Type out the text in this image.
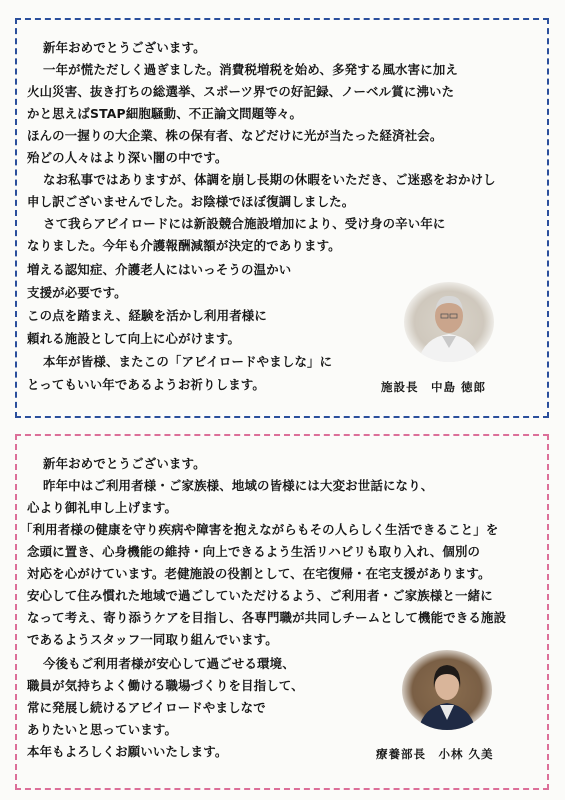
新年おめでとうございます。
一年が慌ただしく過ぎました。消費税増税を始め、多発する風水害に加え
火山災害、抜き打ちの総選挙、スポーツ界での好記録、ノーベル賞に沸いた
かと思えばSTAP細胞騒動、不正論文問題等々。
ほんの一握りの大企業、株の保有者、などだけに光が当たった経済社会。
殆どの人々はより深い闇の中です。
なお私事ではありますが、体調を崩し長期の休暇をいただき、ご迷惑をおかけし
申し訳ございませんでした。お陰様でほぼ復調しました。
さて我らアビイロードには新設競合施設増加により、受け身の辛い年に
なりました。今年も介護報酬減額が決定的であります。
増える認知症、介護老人にはいっそうの温かい
支援が必要です。
この点を踏まえ、経験を活かし利用者様に
頼れる施設として向上に心がけます。
本年が皆様、またこの「アビイロードやましな」に
とってもいい年であるようお祈りします。	施設長　中島 徳郎
新年おめでとうございます。
昨年中はご利用者様・ご家族様、地域の皆様には大変お世話になり、
心より御礼申し上げます。
「利用者様の健康を守り疾病や障害を抱えながらもその人らしく生活できること」を
念頭に置き、心身機能の維持・向上できるよう生活リハビリも取り入れ、個別の
対応を心がけています。老健施設の役割として、在宅復帰・在宅支援があります。
安心して住み慣れた地域で過ごしていただけるよう、ご利用者・ご家族様と一緒に
なって考え、寄り添うケアを目指し、各専門職が共同しチームとして機能できる施設
であるようスタッフ一同取り組んでいます。
今後もご利用者様が安心して過ごせる環境、
職員が気持ちよく働ける職場づくりを目指して、
常に発展し続けるアビイロードやましなで
ありたいと思っています。
本年もよろしくお願いいたします。	療養部長　小林 久美
